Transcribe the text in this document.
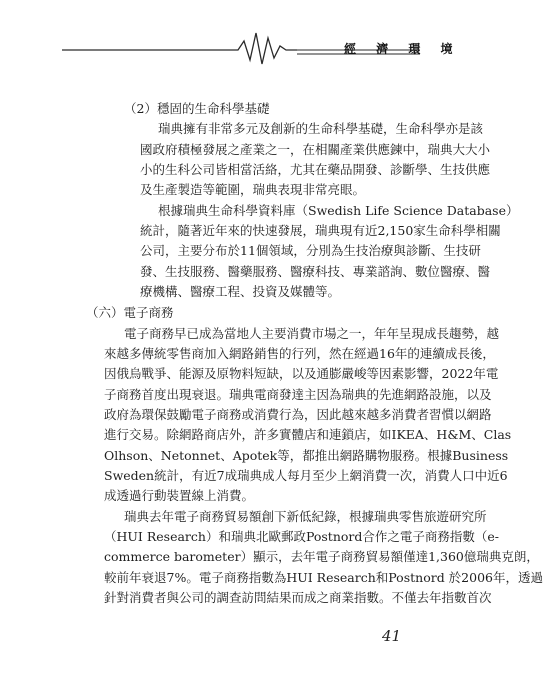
經 濟 環 境
（2）穩固的生命科學基礎
瑞典擁有非常多元及創新的生命科學基礎，生命科學亦是該
國政府積極發展之產業之一，在相關產業供應鍊中，瑞典大大小
小的生科公司皆相當活絡，尤其在藥品開發、診斷學、生技供應
及生產製造等範圍，瑞典表現非常亮眼。
根據瑞典生命科學資料庫（Swedish Life Science Database）
統計，隨著近年來的快速發展，瑞典現有近2,150家生命科學相關
公司，主要分布於11個領域，分別為生技治療與診斷、生技研
發、生技服務、醫藥服務、醫療科技、專業諮詢、數位醫療、醫
療機構、醫療工程、投資及媒體等。
（六）電子商務
電子商務早已成為當地人主要消費市場之一，年年呈現成長趨勢，越
來越多傳統零售商加入網路銷售的行列，然在經過16年的連續成長後，
因俄烏戰爭、能源及原物料短缺，以及通膨嚴峻等因素影響，2022年電
子商務首度出現衰退。瑞典電商發達主因為瑞典的先進網路設施，以及
政府為環保鼓勵電子商務或消費行為，因此越來越多消費者習慣以網路
進行交易。除網路商店外，許多實體店和連鎖店，如IKEA、H&M、Clas
Olhson、Netonnet、Apotek等，都推出網路購物服務。根據Business
Sweden統計，有近7成瑞典成人每月至少上網消費一次，消費人口中近6
成透過行動裝置線上消費。
瑞典去年電子商務貿易額創下新低紀錄，根據瑞典零售旅遊研究所
（HUI Research）和瑞典北歐郵政Postnord合作之電子商務指數（e-
commerce barometer）顯示，去年電子商務貿易額僅達1,360億瑞典克朗，
較前年衰退7%。電子商務指數為HUI Research和Postnord 於2006年，透過
針對消費者與公司的調查訪問結果而成之商業指數。不僅去年指數首次
41
